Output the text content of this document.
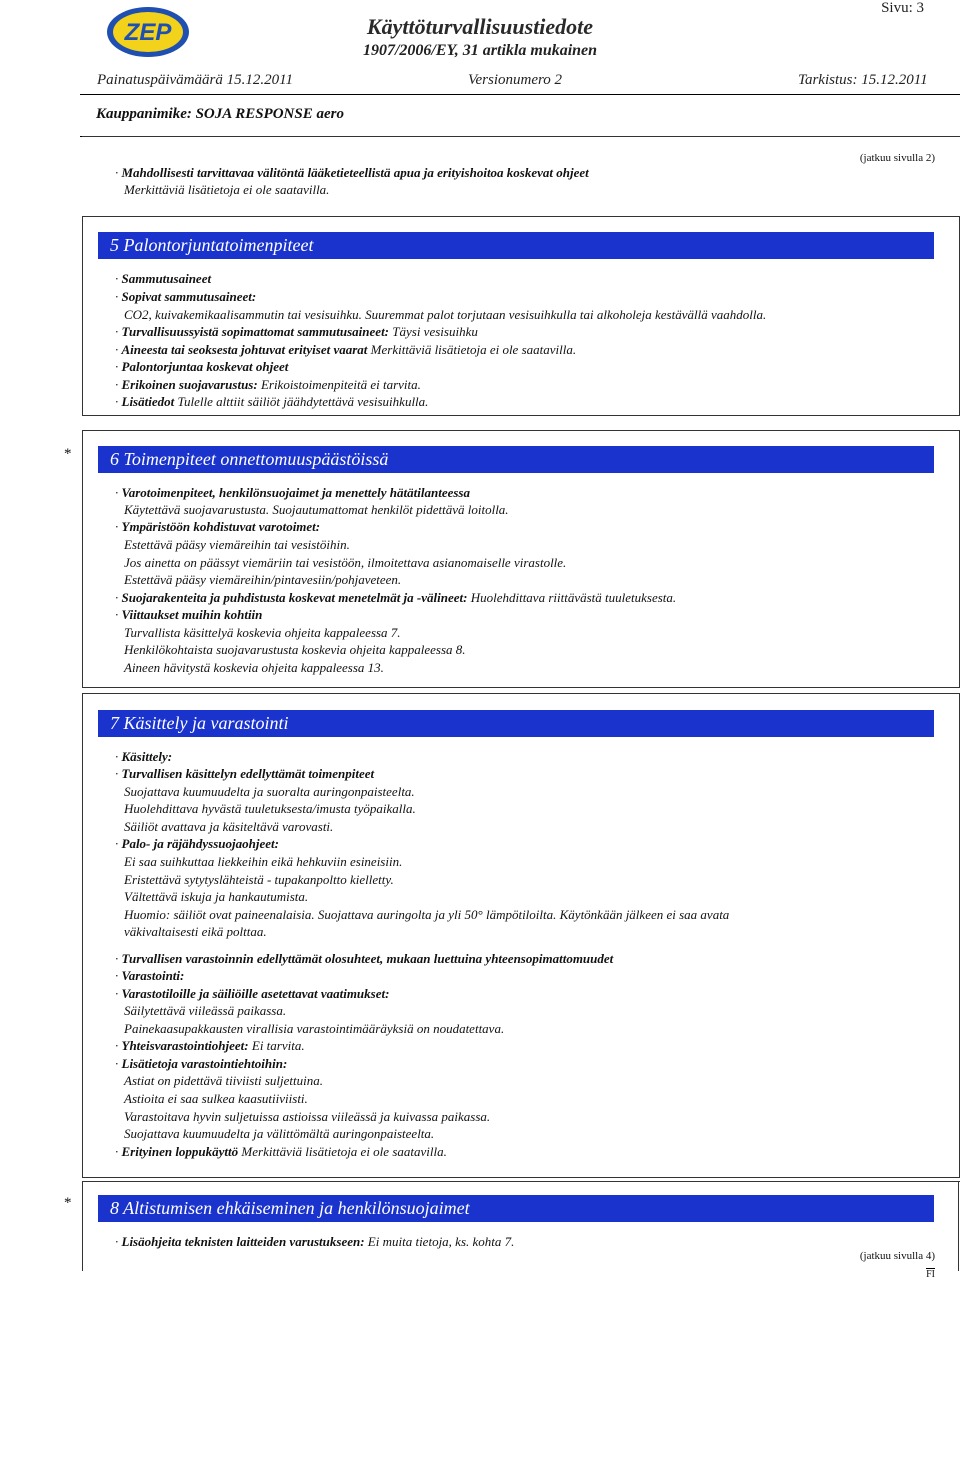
ZEP
Sivu: 3
Käyttöturvallisuustiedote
1907/2006/EY, 31 artikla mukainen
Painatuspäivämäärä 15.12.2011	Versionumero 2	Tarkistus: 15.12.2011
Kauppanimike: SOJA RESPONSE aero
(jatkuu sivulla 2)
· Mahdollisesti tarvittavaa välitöntä lääketieteellistä apua ja erityishoitoa koskevat ohjeet
Merkittäviä lisätietoja ei ole saatavilla.
5 Palontorjuntatoimenpiteet
· Sammutusaineet
· Sopivat sammutusaineet:
CO2, kuivakemikaalisammutin tai vesisuihku. Suuremmat palot torjutaan vesisuihkulla tai alkoholeja kestävällä vaahdolla.
· Turvallisuussyistä sopimattomat sammutusaineet: Täysi vesisuihku
· Aineesta tai seoksesta johtuvat erityiset vaarat Merkittäviä lisätietoja ei ole saatavilla.
· Palontorjuntaa koskevat ohjeet
· Erikoinen suojavarustus: Erikoistoimenpiteitä ei tarvita.
· Lisätiedot Tulelle alttiit säiliöt jäähdytettävä vesisuihkulla.
*	6 Toimenpiteet onnettomuuspäästöissä
· Varotoimenpiteet, henkilönsuojaimet ja menettely hätätilanteessa
Käytettävä suojavarustusta. Suojautumattomat henkilöt pidettävä loitolla.
· Ympäristöön kohdistuvat varotoimet:
Estettävä pääsy viemäreihin tai vesistöihin.
Jos ainetta on päässyt viemäriin tai vesistöön, ilmoitettava asianomaiselle virastolle.
Estettävä pääsy viemäreihin/pintavesiin/pohjaveteen.
· Suojarakenteita ja puhdistusta koskevat menetelmät ja -välineet: Huolehdittava riittävästä tuuletuksesta.
· Viittaukset muihin kohtiin
Turvallista käsittelyä koskevia ohjeita kappaleessa 7.
Henkilökohtaista suojavarustusta koskevia ohjeita kappaleessa 8.
Aineen hävitystä koskevia ohjeita kappaleessa 13.
7 Käsittely ja varastointi
· Käsittely:
· Turvallisen käsittelyn edellyttämät toimenpiteet
Suojattava kuumuudelta ja suoralta auringonpaisteelta.
Huolehdittava hyvästä tuuletuksesta/imusta työpaikalla.
Säiliöt avattava ja käsiteltävä varovasti.
· Palo- ja räjähdyssuojaohjeet:
Ei saa suihkuttaa liekkeihin eikä hehkuviin esineisiin.
Eristettävä sytytyslähteistä - tupakanpoltto kielletty.
Vältettävä iskuja ja hankautumista.
Huomio: säiliöt ovat paineenalaisia. Suojattava auringolta ja yli 50° lämpötiloilta. Käytönkään jälkeen ei saa avata
väkivaltaisesti eikä polttaa.
· Turvallisen varastoinnin edellyttämät olosuhteet, mukaan luettuina yhteensopimattomuudet
· Varastointi:
· Varastotiloille ja säiliöille asetettavat vaatimukset:
Säilytettävä viileässä paikassa.
Painekaasupakkausten virallisia varastointimääräyksiä on noudatettava.
· Yhteisvarastointiohjeet: Ei tarvita.
· Lisätietoja varastointiehtoihin:
Astiat on pidettävä tiiviisti suljettuina.
Astioita ei saa sulkea kaasutiiviisti.
Varastoitava hyvin suljetuissa astioissa viileässä ja kuivassa paikassa.
Suojattava kuumuudelta ja välittömältä auringonpaisteelta.
· Erityinen loppukäyttö Merkittäviä lisätietoja ei ole saatavilla.
*	8 Altistumisen ehkäiseminen ja henkilönsuojaimet
· Lisäohjeita teknisten laitteiden varustukseen: Ei muita tietoja, ks. kohta 7.
(jatkuu sivulla 4)
FI
